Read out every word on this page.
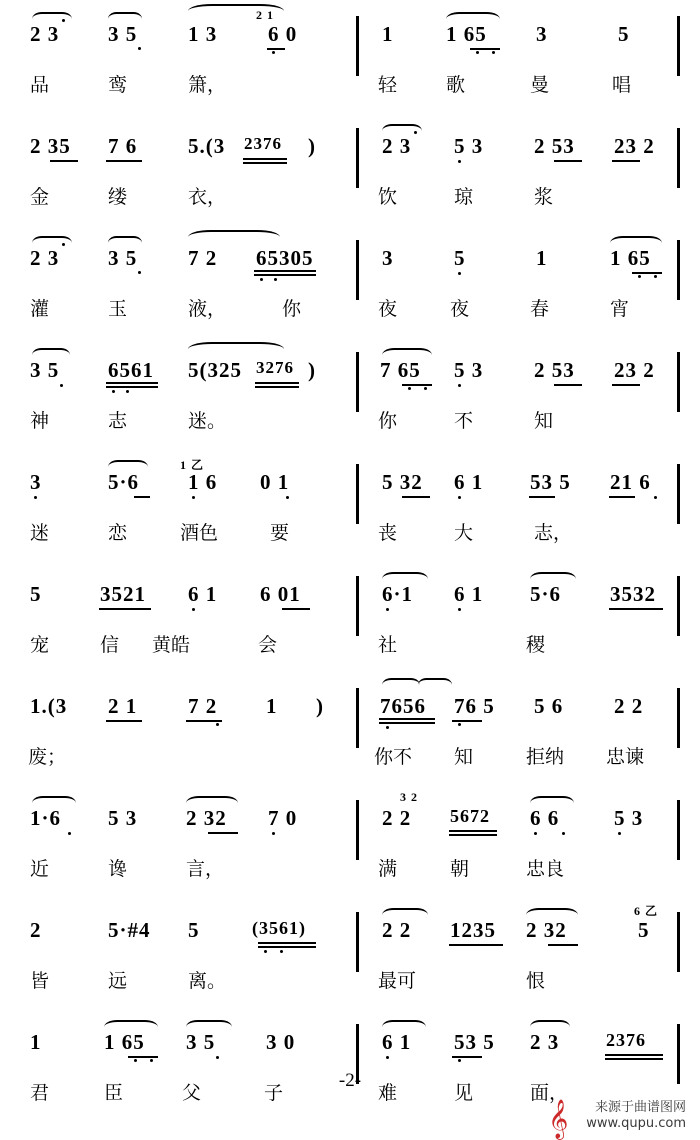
2 3 3 5 1 3
2 1
6 0
品	鸾	箫，
1	1 65 3	5
轻	歌	曼	唱
2 35 7 6 5.(3 2376 )
金	缕	衣，
2 3 5 3 2 53 23 2
饮	琼	浆
2 3 3 5 7 2 65305
灌	玉	液，	你
3	5	1	1 65
夜	夜	春	宵
3 5 6561 5(325 3276 )
神	志	迷。
7 65 5 3 2 53 23 2
你	不	知
3	5·6
1 乙
1 6 0 1
迷	恋	酒色	要
5 32 6 1 53 5 21 6
丧	大	志，
5	3521 6 1 6 01
宠	信 黄皓	会
6·1 6 1 5·6 3532
社	稷
1.(3 2 1 7 2 1 )
废；
7656 76 5 5 6 2 2
你不 知	拒纳 忠谏
1·6 5 3 2 32 7 0
近	谗	言，
2 2
3 2
5672 6 6	5 3
满	朝	忠良
2	5·#4 5	(3561)
皆	远	离。
2 2 1235 2 32
6 乙
5
最可	恨
1	1 65 3 5 3 0
君	臣	父	子
6 1 53 5 2 3	2376
难	见	面，
-2-
𝄞	来源于曲谱图网
www.qupu.com
